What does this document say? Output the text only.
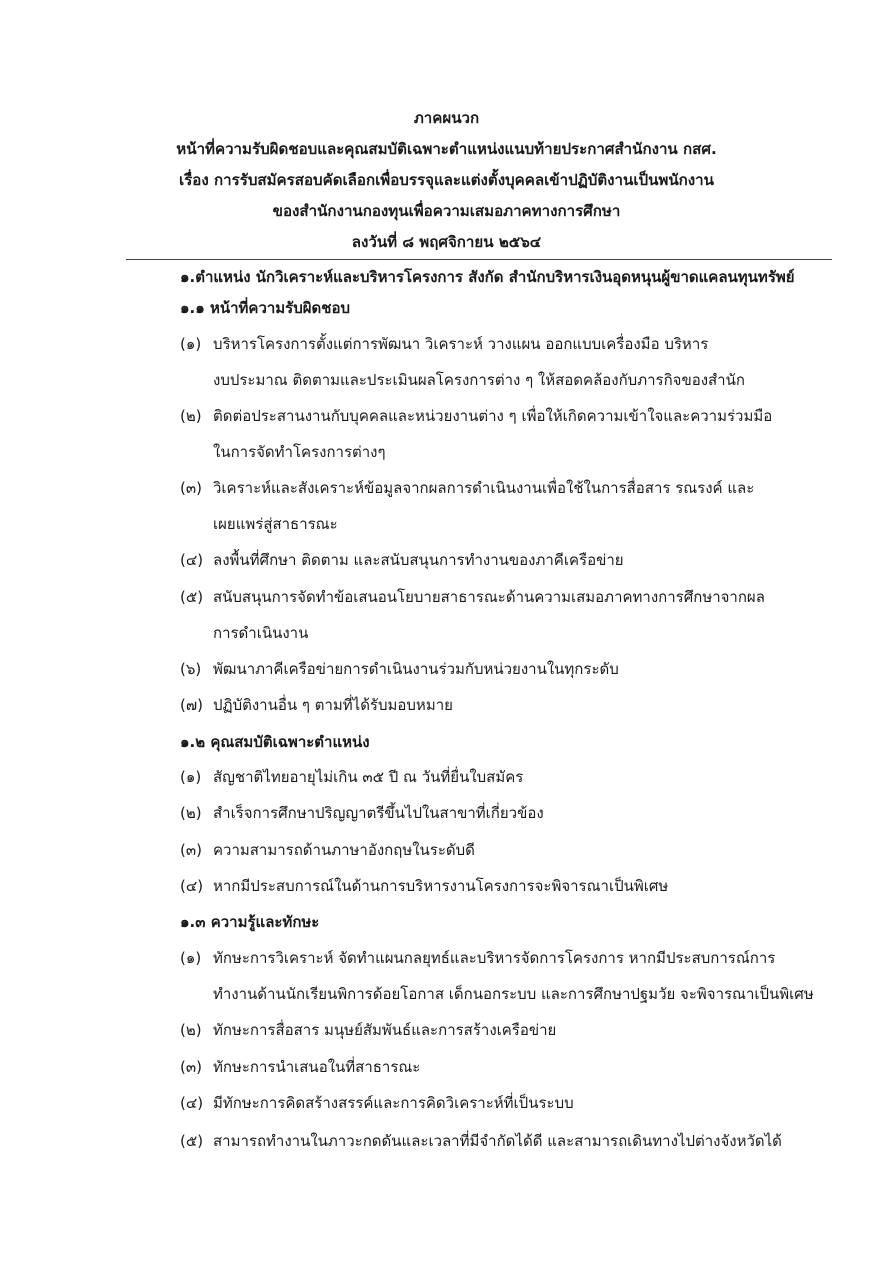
ภาคผนวก
หน้าที่ความรับผิดชอบและคุณสมบัติเฉพาะตำแหน่งแนบท้ายประกาศสำนักงาน กสศ.
เรื่อง การรับสมัครสอบคัดเลือกเพื่อบรรจุและแต่งตั้งบุคคลเข้าปฏิบัติงานเป็นพนักงาน
ของสำนักงานกองทุนเพื่อความเสมอภาคทางการศึกษา
ลงวันที่ ๘ พฤศจิกายน ๒๕๖๔
๑.ตำแหน่ง นักวิเคราะห์และบริหารโครงการ สังกัด สำนักบริหารเงินอุดหนุนผู้ขาดแคลนทุนทรัพย์
๑.๑ หน้าที่ความรับผิดชอบ
(๑) บริหารโครงการตั้งแต่การพัฒนา วิเคราะห์ วางแผน ออกแบบเครื่องมือ บริหาร
งบประมาณ ติดตามและประเมินผลโครงการต่าง ๆ ให้สอดคล้องกับภารกิจของสำนัก
(๒) ติดต่อประสานงานกับบุคคลและหน่วยงานต่าง ๆ เพื่อให้เกิดความเข้าใจและความร่วมมือ
ในการจัดทำโครงการต่างๆ
(๓) วิเคราะห์และสังเคราะห์ข้อมูลจากผลการดำเนินงานเพื่อใช้ในการสื่อสาร รณรงค์ และ
เผยแพร่สู่สาธารณะ
(๔) ลงพื้นที่ศึกษา ติดตาม และสนับสนุนการทำงานของภาคีเครือข่าย
(๕) สนับสนุนการจัดทำข้อเสนอนโยบายสาธารณะด้านความเสมอภาคทางการศึกษาจากผล
การดำเนินงาน
(๖) พัฒนาภาคีเครือข่ายการดำเนินงานร่วมกับหน่วยงานในทุกระดับ
(๗) ปฏิบัติงานอื่น ๆ ตามที่ได้รับมอบหมาย
๑.๒ คุณสมบัติเฉพาะตำแหน่ง
(๑) สัญชาติไทยอายุไม่เกิน ๓๕ ปี ณ วันที่ยื่นใบสมัคร
(๒) สำเร็จการศึกษาปริญญาตรีขึ้นไปในสาขาที่เกี่ยวข้อง
(๓) ความสามารถด้านภาษาอังกฤษในระดับดี
(๔) หากมีประสบการณ์ในด้านการบริหารงานโครงการจะพิจารณาเป็นพิเศษ
๑.๓ ความรู้และทักษะ
(๑) ทักษะการวิเคราะห์ จัดทำแผนกลยุทธ์และบริหารจัดการโครงการ หากมีประสบการณ์การ
ทำงานด้านนักเรียนพิการด้อยโอกาส เด็กนอกระบบ และการศึกษาปฐมวัย จะพิจารณาเป็นพิเศษ
(๒) ทักษะการสื่อสาร มนุษย์สัมพันธ์และการสร้างเครือข่าย
(๓) ทักษะการนำเสนอในที่สาธารณะ
(๔) มีทักษะการคิดสร้างสรรค์และการคิดวิเคราะห์ที่เป็นระบบ
(๕) สามารถทำงานในภาวะกดดันและเวลาที่มีจำกัดได้ดี และสามารถเดินทางไปต่างจังหวัดได้
